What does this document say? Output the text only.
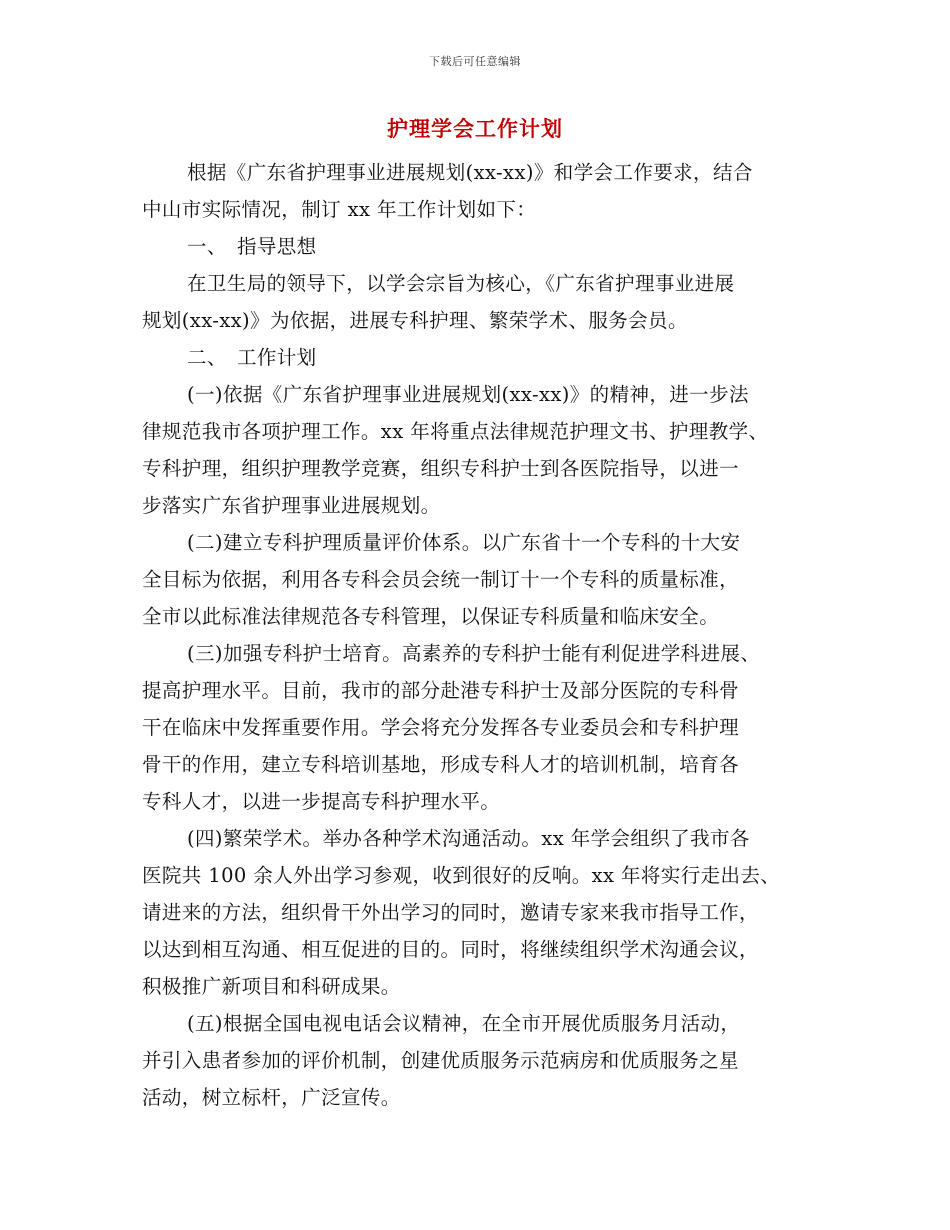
下载后可任意编辑
护理学会工作计划
根据《广东省护理事业进展规划(xx-xx)》和学会工作要求，结合
中山市实际情况，制订 xx 年工作计划如下：
一、　指导思想
在卫生局的领导下，以学会宗旨为核心，《广东省护理事业进展
规划(xx-xx)》为依据，进展专科护理、繁荣学术、服务会员。
二、　工作计划
(一)依据《广东省护理事业进展规划(xx-xx)》的精神，进一步法
律规范我市各项护理工作。xx 年将重点法律规范护理文书、护理教学、
专科护理，组织护理教学竞赛，组织专科护士到各医院指导，以进一
步落实广东省护理事业进展规划。
(二)建立专科护理质量评价体系。以广东省十一个专科的十大安
全目标为依据，利用各专科会员会统一制订十一个专科的质量标准，
全市以此标准法律规范各专科管理，以保证专科质量和临床安全。
(三)加强专科护士培育。高素养的专科护士能有利促进学科进展、
提高护理水平。目前，我市的部分赴港专科护士及部分医院的专科骨
干在临床中发挥重要作用。学会将充分发挥各专业委员会和专科护理
骨干的作用，建立专科培训基地，形成专科人才的培训机制，培育各
专科人才，以进一步提高专科护理水平。
(四)繁荣学术。举办各种学术沟通活动。xx 年学会组织了我市各
医院共 100 余人外出学习参观，收到很好的反响。xx 年将实行走出去、
请进来的方法，组织骨干外出学习的同时，邀请专家来我市指导工作，
以达到相互沟通、相互促进的目的。同时，将继续组织学术沟通会议，
积极推广新项目和科研成果。
(五)根据全国电视电话会议精神，在全市开展优质服务月活动，
并引入患者参加的评价机制，创建优质服务示范病房和优质服务之星
活动，树立标杆，广泛宣传。
